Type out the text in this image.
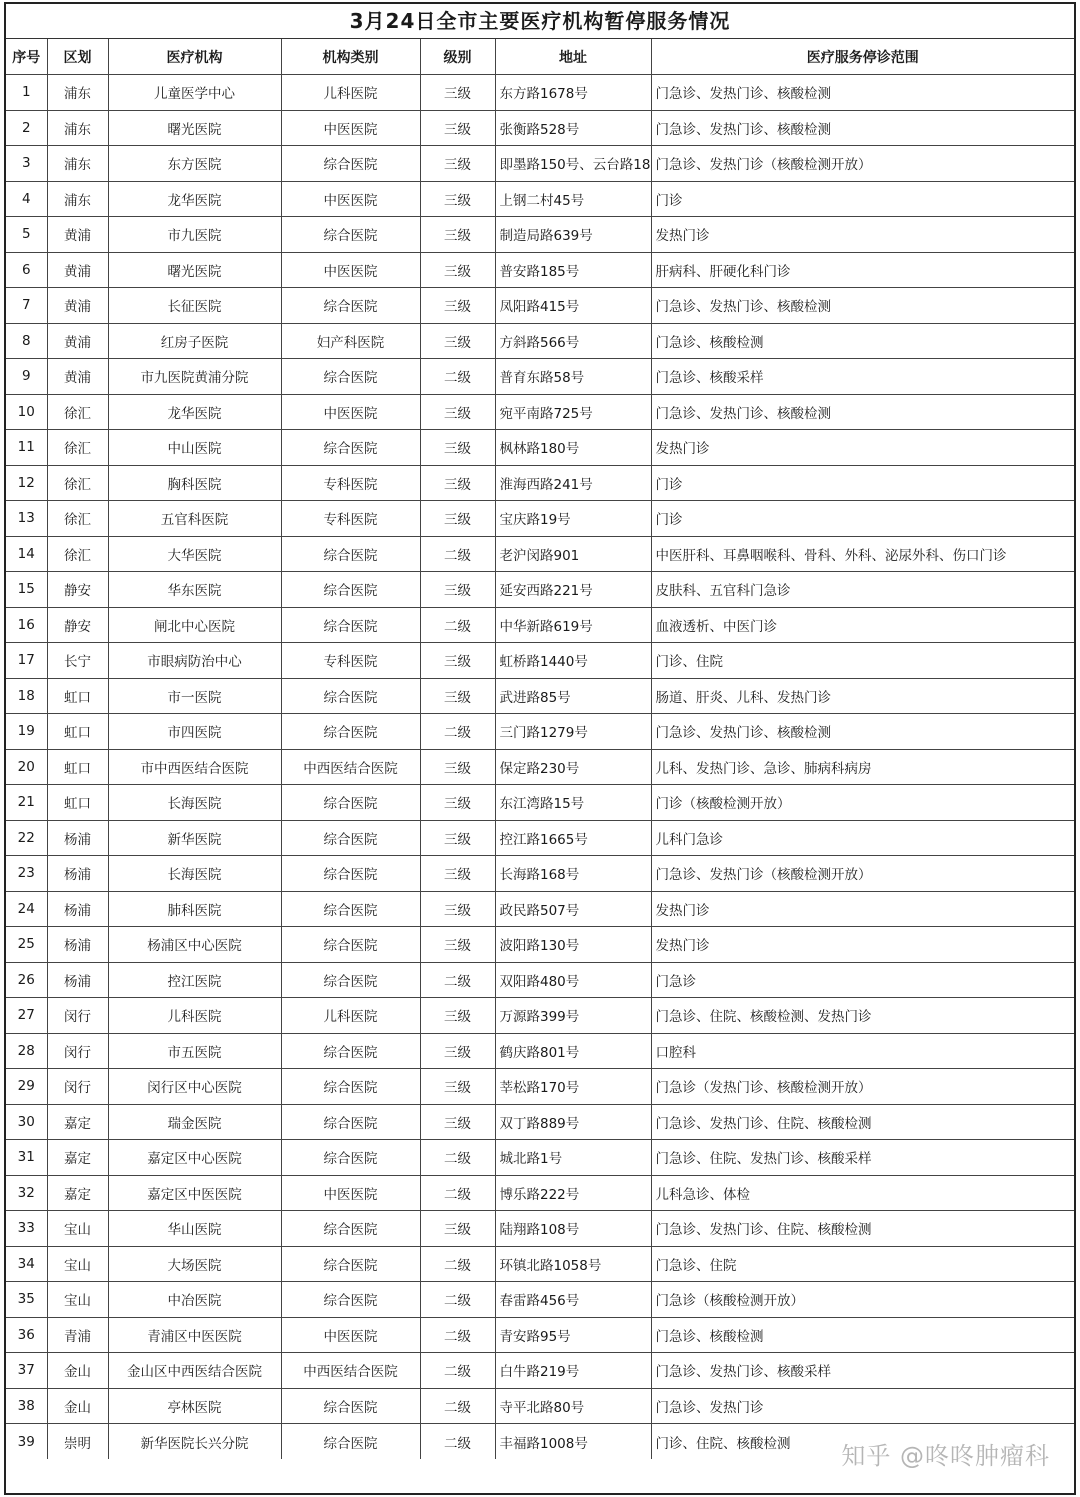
3月24日全市主要医疗机构暂停服务情况
序号	区划	医疗机构	机构类别	级别	地址	医疗服务停诊范围
1	浦东	儿童医学中心	儿科医院	三级	东方路1678号	门急诊、发热门诊、核酸检测
2	浦东	曙光医院	中医医院	三级	张衡路528号	门急诊、发热门诊、核酸检测
3	浦东	东方医院	综合医院	三级	即墨路150号、云台路18	门急诊、发热门诊（核酸检测开放）
4	浦东	龙华医院	中医医院	三级	上钢二村45号	门诊
5	黄浦	市九医院	综合医院	三级	制造局路639号	发热门诊
6	黄浦	曙光医院	中医医院	三级	普安路185号	肝病科、肝硬化科门诊
7	黄浦	长征医院	综合医院	三级	凤阳路415号	门急诊、发热门诊、核酸检测
8	黄浦	红房子医院	妇产科医院	三级	方斜路566号	门急诊、核酸检测
9	黄浦	市九医院黄浦分院	综合医院	二级	普育东路58号	门急诊、核酸采样
10	徐汇	龙华医院	中医医院	三级	宛平南路725号	门急诊、发热门诊、核酸检测
11	徐汇	中山医院	综合医院	三级	枫林路180号	发热门诊
12	徐汇	胸科医院	专科医院	三级	淮海西路241号	门诊
13	徐汇	五官科医院	专科医院	三级	宝庆路19号	门诊
14	徐汇	大华医院	综合医院	二级	老沪闵路901	中医肝科、耳鼻咽喉科、骨科、外科、泌尿外科、伤口门诊
15	静安	华东医院	综合医院	三级	延安西路221号	皮肤科、五官科门急诊
16	静安	闸北中心医院	综合医院	二级	中华新路619号	血液透析、中医门诊
17	长宁	市眼病防治中心	专科医院	三级	虹桥路1440号	门诊、住院
18	虹口	市一医院	综合医院	三级	武进路85号	肠道、肝炎、儿科、发热门诊
19	虹口	市四医院	综合医院	二级	三门路1279号	门急诊、发热门诊、核酸检测
20	虹口	市中西医结合医院	中西医结合医院	三级	保定路230号	儿科、发热门诊、急诊、肺病科病房
21	虹口	长海医院	综合医院	三级	东江湾路15号	门诊（核酸检测开放）
22	杨浦	新华医院	综合医院	三级	控江路1665号	儿科门急诊
23	杨浦	长海医院	综合医院	三级	长海路168号	门急诊、发热门诊（核酸检测开放）
24	杨浦	肺科医院	综合医院	三级	政民路507号	发热门诊
25	杨浦	杨浦区中心医院	综合医院	三级	波阳路130号	发热门诊
26	杨浦	控江医院	综合医院	二级	双阳路480号	门急诊
27	闵行	儿科医院	儿科医院	三级	万源路399号	门急诊、住院、核酸检测、发热门诊
28	闵行	市五医院	综合医院	三级	鹤庆路801号	口腔科
29	闵行	闵行区中心医院	综合医院	三级	莘松路170号	门急诊（发热门诊、核酸检测开放）
30	嘉定	瑞金医院	综合医院	三级	双丁路889号	门急诊、发热门诊、住院、核酸检测
31	嘉定	嘉定区中心医院	综合医院	二级	城北路1号	门急诊、住院、发热门诊、核酸采样
32	嘉定	嘉定区中医医院	中医医院	二级	博乐路222号	儿科急诊、体检
33	宝山	华山医院	综合医院	三级	陆翔路108号	门急诊、发热门诊、住院、核酸检测
34	宝山	大场医院	综合医院	二级	环镇北路1058号	门急诊、住院
35	宝山	中冶医院	综合医院	二级	春雷路456号	门急诊（核酸检测开放）
36	青浦	青浦区中医医院	中医医院	二级	青安路95号	门急诊、核酸检测
37	金山	金山区中西医结合医院	中西医结合医院	二级	白牛路219号	门急诊、发热门诊、核酸采样
38	金山	亭林医院	综合医院	二级	寺平北路80号	门急诊、发热门诊
39	崇明	新华医院长兴分院	综合医院	二级	丰福路1008号	门诊、住院、核酸检测 知乎 @咚咚肿瘤科
